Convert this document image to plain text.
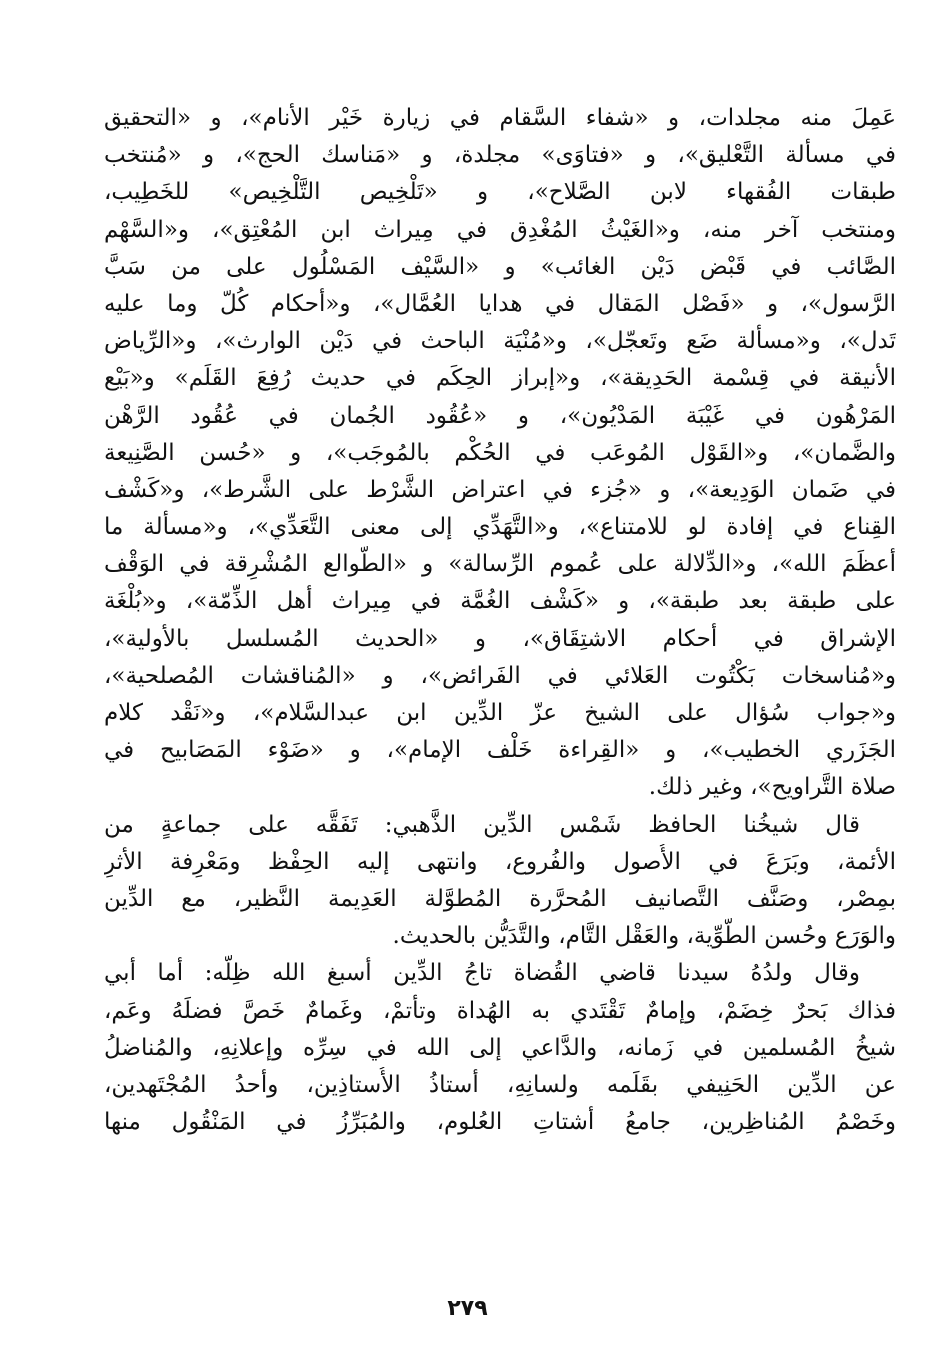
عَمِلَ منه مجلدات، و «شفاء السَّقام في زيارة خَيْر الأنام»، و «التحقيق
في مسألة التَّعْليق»، و «فتاوَى» مجلدة، و «مَناسك الحج»، و «مُنتخب
طبقات الفُقهاء لابن الصَّلاح»، و «تَلْخِيص التَّلْخِيص» للخَطِيب،
ومنتخب آخر منه، و«الغَيْثُ المُغْدِق في مِيراث ابن المُعْتِق»، و«السَّهْم
الصَّائب في قَبْض دَيْن الغائب» و «السَّيْف المَسْلُول على من سَبَّ
الرَّسول»، و «فَصْل المَقال في هدايا العُمَّال»، و«أحكام كُلّ وما عليه
تَدل»، و«مسألة ضَع وتَعجّل»، و«مُنْيَة الباحث في دَيْن الوارث»، و«الرِّياض
الأنيقة في قِسْمة الحَدِيقة»، و«إبراز الحِكَم في حديث رُفِعَ القَلَم» و«بَيْع
المَرْهُون في غَيْبَة المَدْيُون»، و «عُقُود الجُمان في عُقُود الرَّهْن
والضَّمان»، و«القَوْل المُوعَب في الحُكْم بالمُوجَب»، و «حُسن الصَّنِيعة
في ضَمان الوَدِيعة»، و «جُزء في اعتراض الشَّرْط على الشَّرط»، و«كَشْف
القِناع في إفادة لو للامتناع»، و«التَّهَدِّي إلى معنى التَّعَدِّي»، و«مسألة ما
أعظَمَ الله»، و«الدِّلالة على عُموم الرِّسالة» و «الطَّوالع المُشْرِقة في الوَقْف
على طبقة بعد طبقة»، و «كَشْف الغُمَّة في مِيراث أهل الذِّمّة»، و«بُلْغَة
الإشراق في أحكام الاشتِقَاق»، و «الحديث المُسلسل بالأولية»،
و«مُناسخات بَكْتُوت العَلائي في الفَرائض»، و «المُناقشات المُصلحية»،
و«جواب سُؤال على الشيخ عزّ الدِّين ابن عبدالسَّلام»، و«نَقْد كلام
الجَزَري الخطيب»، و «القِراءة خَلْف الإمام»، و «ضَوْء المَصَابيح في
صلاة التَّراويح»، وغير ذلك.
قال شيخُنا الحافظ شَمْس الدِّين الذَّهبي: تَفَقَّه على جماعةٍ من
الأئمة، وبَرَعَ في الأُصول والفُروع، وانتهى إليه الحِفْظ ومَعْرِفة الأثرِ
بمِصْر، وصَنَّف التَّصانيف المُحرَّرة المُطوَّلة العَدِيمة النَّظير، مع الدِّين
والوَرَع وحُسن الطَّوِّية، والعَقْل التَّام، والتَّدَيُّن بالحديث.
وقال ولدُهُ سيدنا قاضي القُضاة تاجُ الدِّين أسبغ الله ظِلَّه: أما أبي
فذاك بَحرٌ خِضَمْ، وإمامٌ تَقْتَدي به الهُداة وتأتمْ، وغَمامٌ خَصَّ فضلَهُ وعَم،
شيخُ المُسلمين في زَمانه، والدَّاعي إلى الله في سِرِّه وإعلانِهِ، والمُناضلُ
عن الدِّين الحَنِيفي بقَلَمه ولسانِهِ، أستاذُ الأُستاذِين، وأحدُ المُجْتَهدين،
وخَصْمُ المُناظِرين، جامعُ أشتاتِ العُلوم، والمُبَرِّزُ في المَنْقُول منها
٢٧٩
